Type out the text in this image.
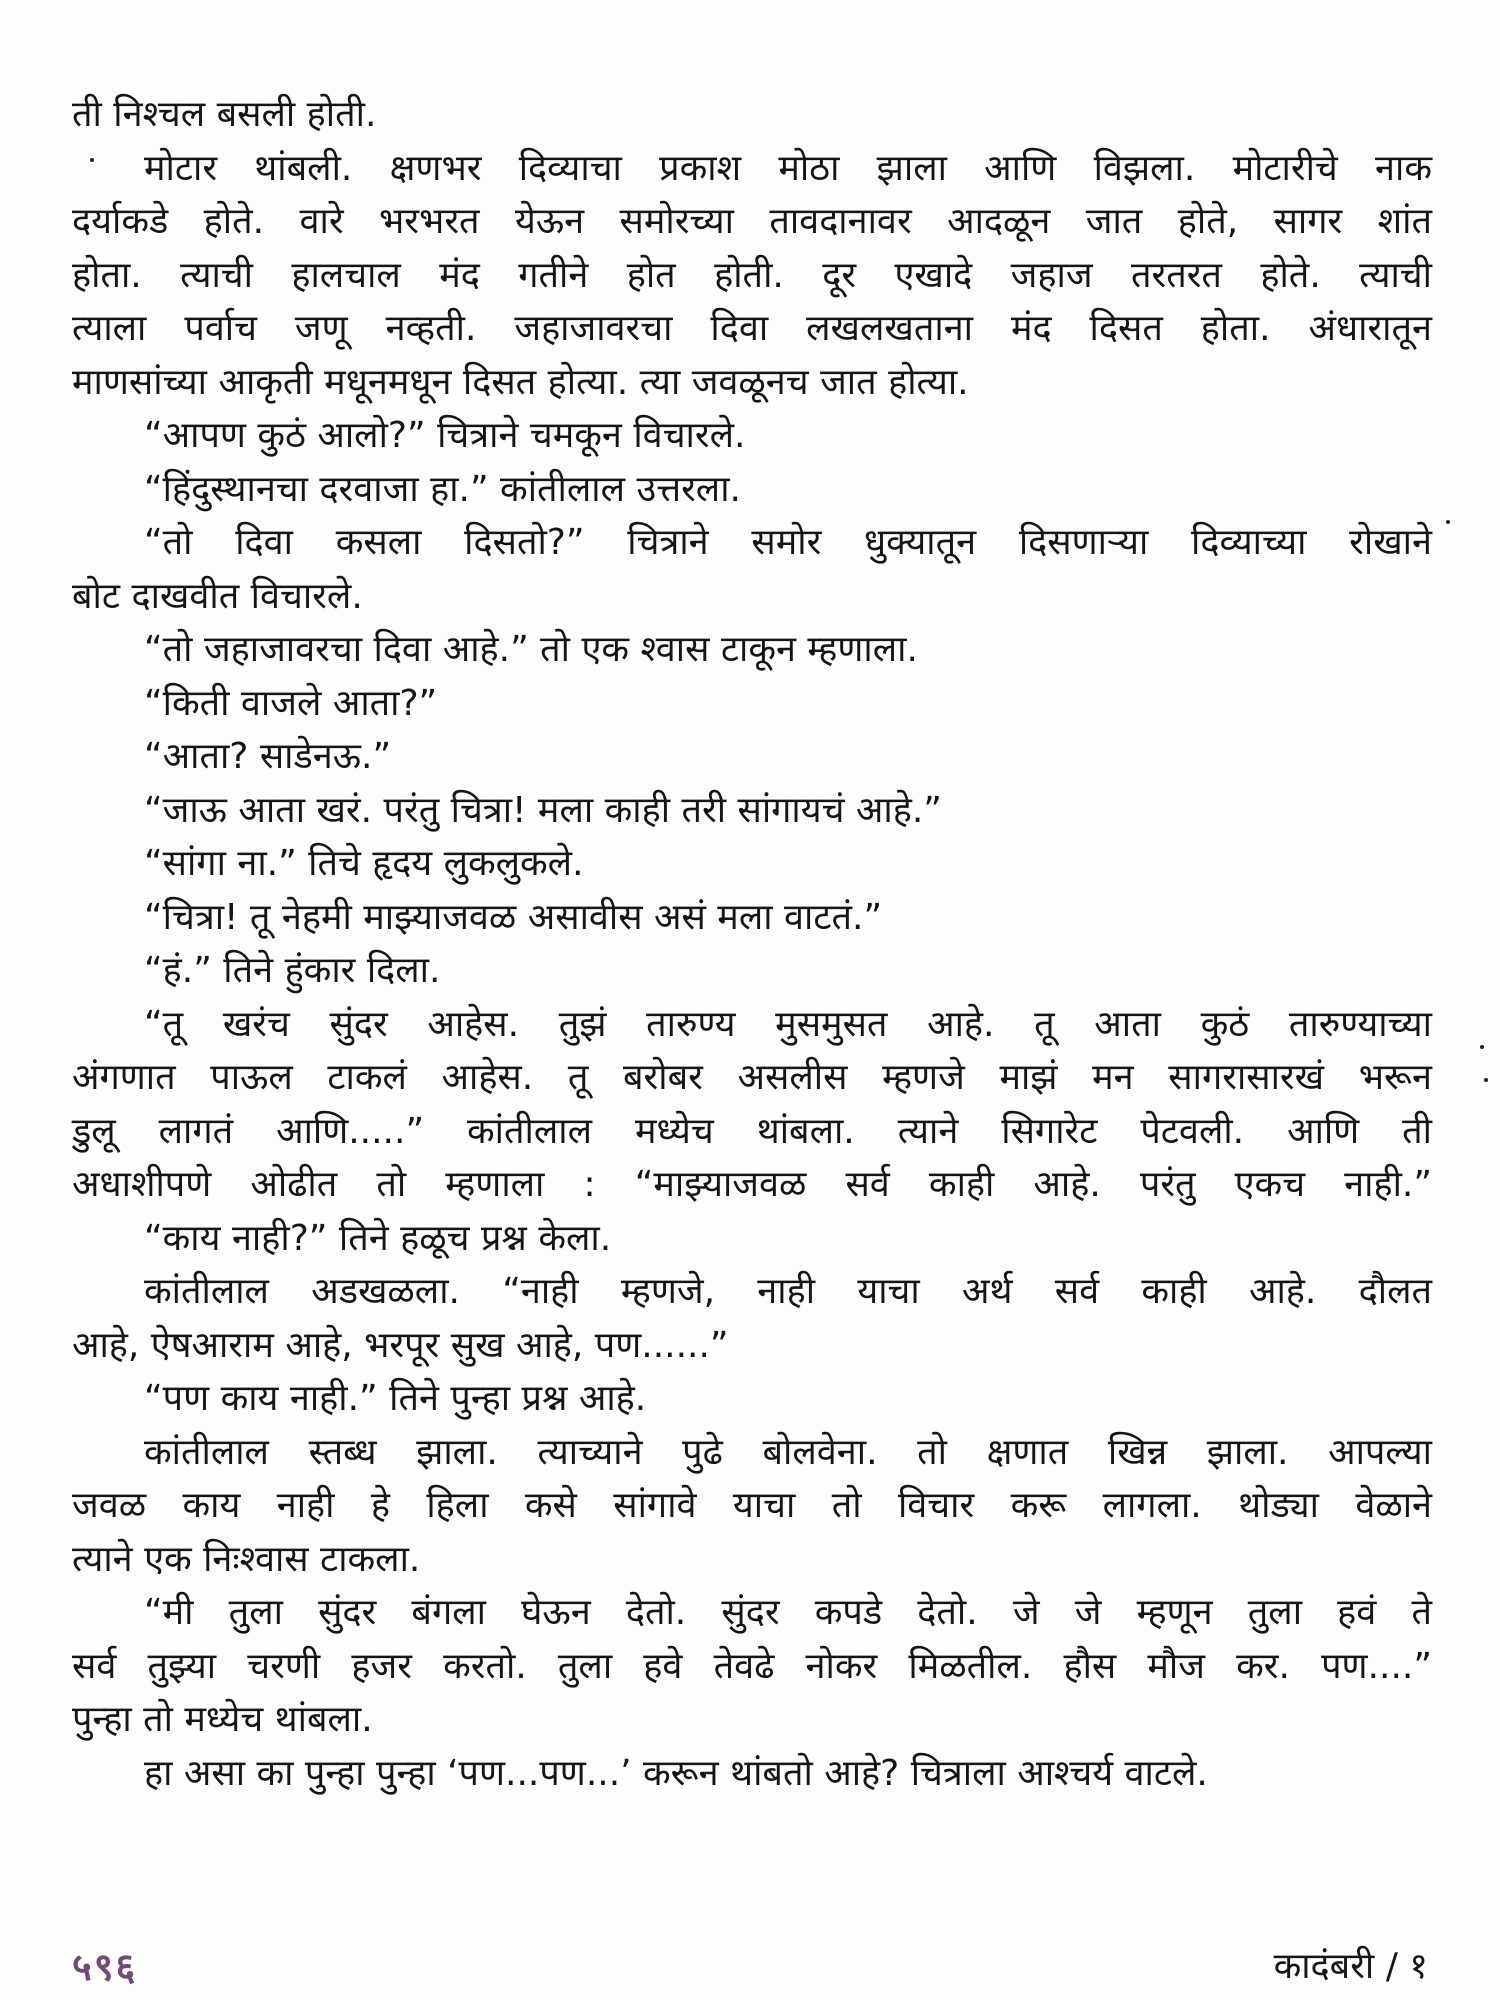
ती निश्चल बसली होती.
मोटार थांबली. क्षणभर दिव्याचा प्रकाश मोठा झाला आणि विझला. मोटारीचे नाक
दर्याकडे होते. वारे भरभरत येऊन समोरच्या तावदानावर आदळून जात होते, सागर शांत
होता. त्याची हालचाल मंद गतीने होत होती. दूर एखादे जहाज तरतरत होते. त्याची
त्याला पर्वाच जणू नव्हती. जहाजावरचा दिवा लखलखताना मंद दिसत होता. अंधारातून
माणसांच्या आकृती मधूनमधून दिसत होत्या. त्या जवळूनच जात होत्या.
“आपण कुठं आलो?” चित्राने चमकून विचारले.
“हिंदुस्थानचा दरवाजा हा.” कांतीलाल उत्तरला.
“तो दिवा कसला दिसतो?” चित्राने समोर धुक्यातून दिसणाऱ्या दिव्याच्या रोखाने
बोट दाखवीत विचारले.
“तो जहाजावरचा दिवा आहे.” तो एक श्वास टाकून म्हणाला.
“किती वाजले आता?”
“आता? साडेनऊ.”
“जाऊ आता खरं. परंतु चित्रा! मला काही तरी सांगायचं आहे.”
“सांगा ना.” तिचे हृदय लुकलुकले.
“चित्रा! तू नेहमी माझ्याजवळ असावीस असं मला वाटतं.”
“हं.” तिने हुंकार दिला.
“तू खरंच सुंदर आहेस. तुझं तारुण्य मुसमुसत आहे. तू आता कुठं तारुण्याच्या
अंगणात पाऊल टाकलं आहेस. तू बरोबर असलीस म्हणजे माझं मन सागरासारखं भरून
डुलू लागतं आणि.....” कांतीलाल मध्येच थांबला. त्याने सिगारेट पेटवली. आणि ती
अधाशीपणे ओढीत तो म्हणाला : “माझ्याजवळ सर्व काही आहे. परंतु एकच नाही.”
“काय नाही?” तिने हळूच प्रश्न केला.
कांतीलाल अडखळला. “नाही म्हणजे, नाही याचा अर्थ सर्व काही आहे. दौलत
आहे, ऐषआराम आहे, भरपूर सुख आहे, पण......”
“पण काय नाही.” तिने पुन्हा प्रश्न आहे.
कांतीलाल स्तब्ध झाला. त्याच्याने पुढे बोलवेना. तो क्षणात खिन्न झाला. आपल्या
जवळ काय नाही हे हिला कसे सांगावे याचा तो विचार करू लागला. थोड्या वेळाने
त्याने एक निःश्वास टाकला.
“मी तुला सुंदर बंगला घेऊन देतो. सुंदर कपडे देतो. जे जे म्हणून तुला हवं ते
सर्व तुझ्या चरणी हजर करतो. तुला हवे तेवढे नोकर मिळतील. हौस मौज कर. पण....”
पुन्हा तो मध्येच थांबला.
हा असा का पुन्हा पुन्हा ‘पण...पण...’ करून थांबतो आहे? चित्राला आश्चर्य वाटले.
५९६	कादंबरी / १
